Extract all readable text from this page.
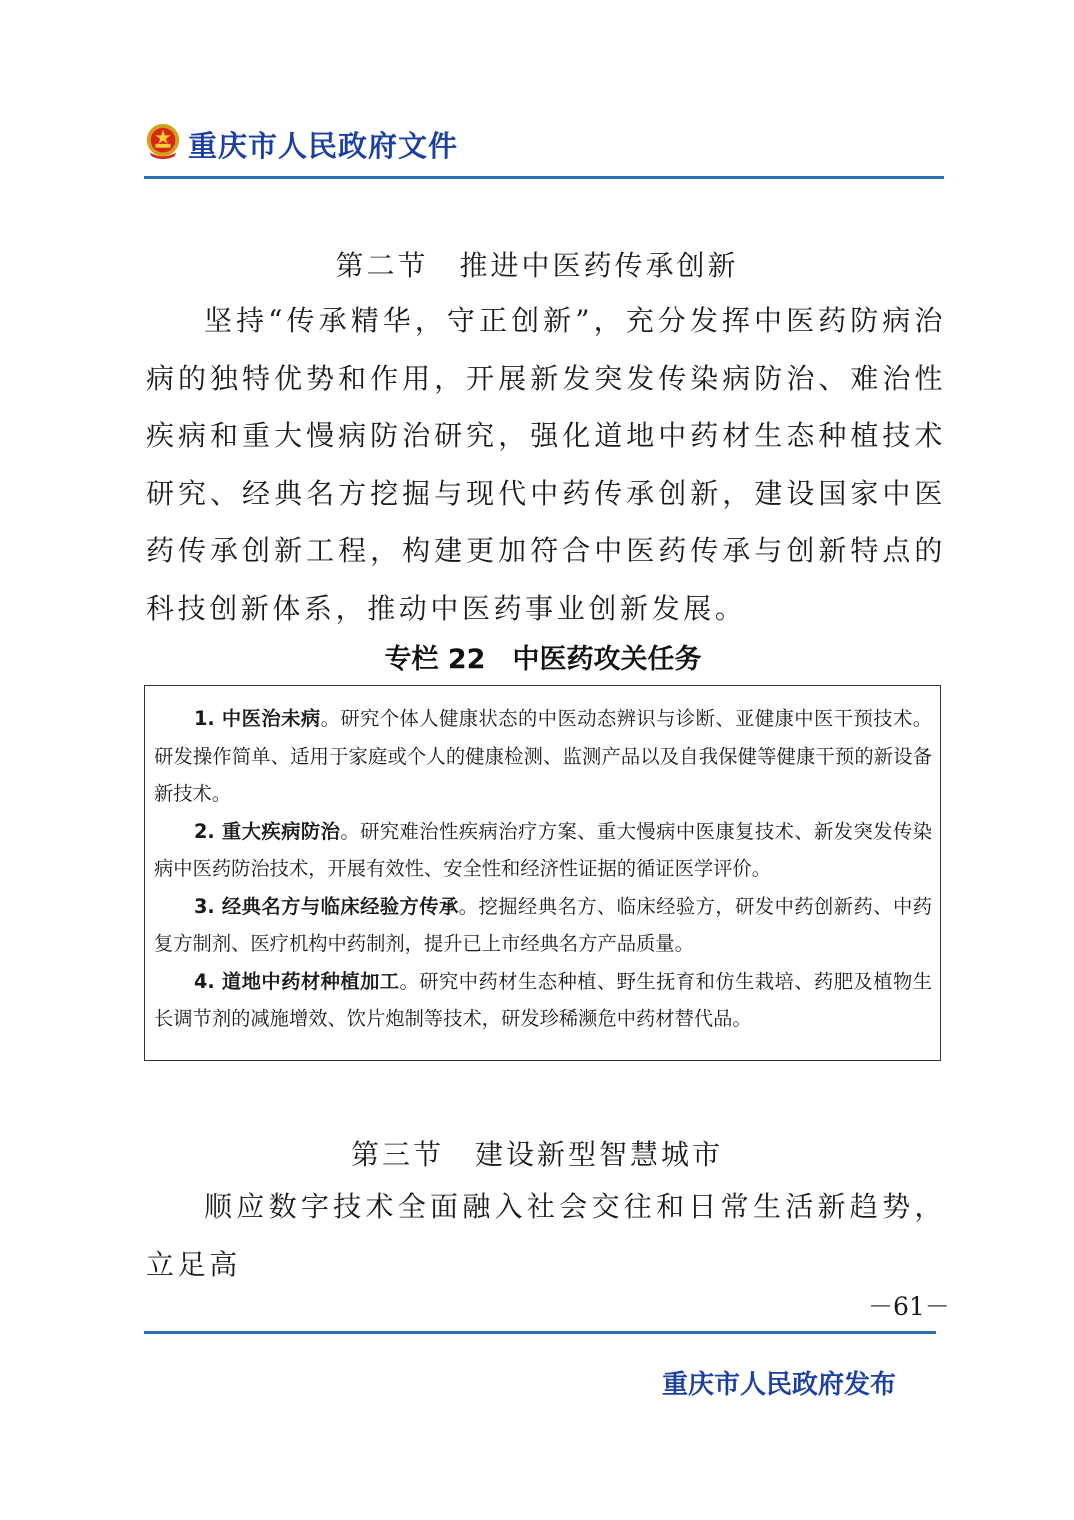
重庆市人民政府文件
第二节　推进中医药传承创新
坚持“传承精华，守正创新”，充分发挥中医药防病治病的独特优势和作用，开展新发突发传染病防治、难治性疾病和重大慢病防治研究，强化道地中药材生态种植技术研究、经典名方挖掘与现代中药传承创新，建设国家中医药传承创新工程，构建更加符合中医药传承与创新特点的科技创新体系，推动中医药事业创新发展。
专栏 22　中医药攻关任务

1. 中医治未病。研究个体人健康状态的中医动态辨识与诊断、亚健康中医干预技术。研发操作简单、适用于家庭或个人的健康检测、监测产品以及自我保健等健康干预的新设备新技术。

2. 重大疾病防治。研究难治性疾病治疗方案、重大慢病中医康复技术、新发突发传染病中医药防治技术，开展有效性、安全性和经济性证据的循证医学评价。

3. 经典名方与临床经验方传承。挖掘经典名方、临床经验方，研发中药创新药、中药复方制剂、医疗机构中药制剂，提升已上市经典名方产品质量。

4. 道地中药材种植加工。研究中药材生态种植、野生抚育和仿生栽培、药肥及植物生长调节剂的减施增效、饮片炮制等技术，研发珍稀濒危中药材替代品。

第三节　建设新型智慧城市
顺应数字技术全面融入社会交往和日常生活新趋势，立足高
－61－
重庆市人民政府发布
